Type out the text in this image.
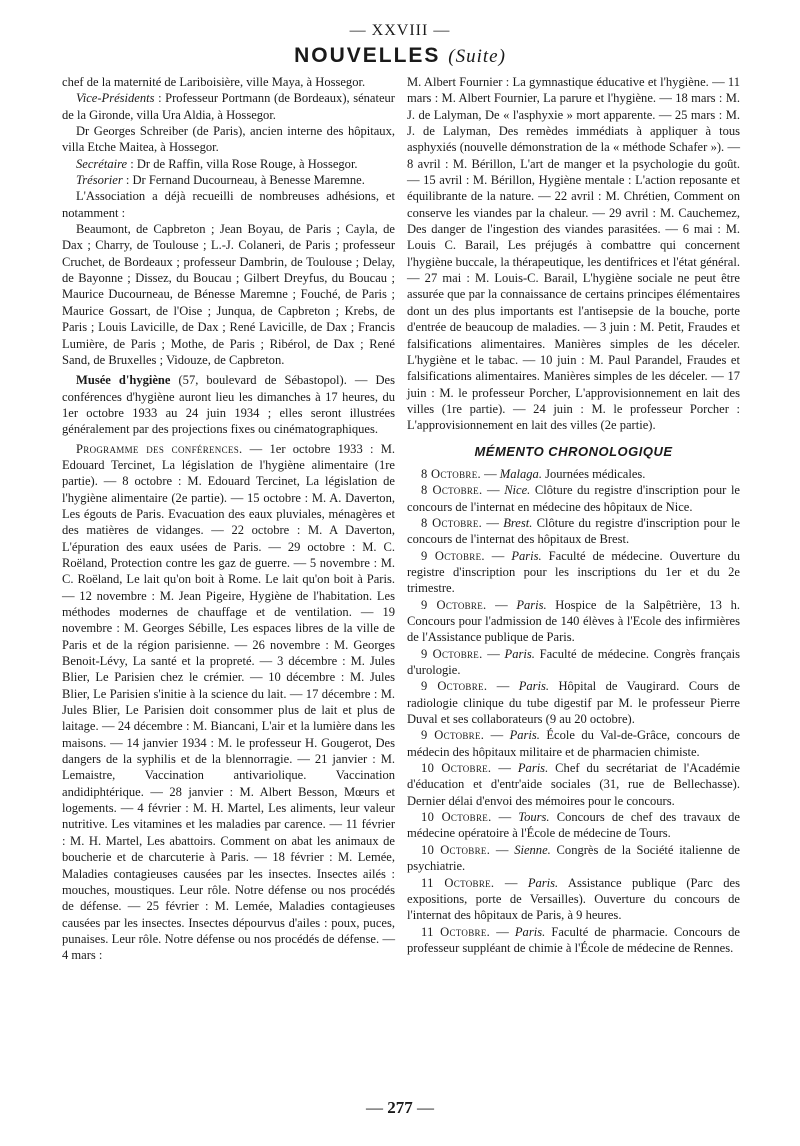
— XXVIII —
NOUVELLES (Suite)

chef de la maternité de Lariboisière, ville Maya, à Hossegor.

Vice-Présidents : Professeur Portmann (de Bordeaux), sénateur de la Gironde, villa Ura Aldia, à Hossegor.

Dr Georges Schreiber (de Paris), ancien interne des hôpitaux, villa Etche Maitea, à Hossegor.

Secrétaire : Dr de Raffin, villa Rose Rouge, à Hossegor.

Trésorier : Dr Fernand Ducourneau, à Benesse Maremne.

L'Association a déjà recueilli de nombreuses adhésions, et notamment :

Beaumont, de Capbreton ; Jean Boyau, de Paris ; Cayla, de Dax ; Charry, de Toulouse ; L.-J. Colaneri, de Paris ; professeur Cruchet, de Bordeaux ; professeur Dambrin, de Toulouse ; Delay, de Bayonne ; Dissez, du Boucau ; Gilbert Dreyfus, du Boucau ; Maurice Ducourneau, de Bénesse Maremne ; Fouché, de Paris ; Maurice Gossart, de l'Oise ; Junqua, de Capbreton ; Krebs, de Paris ; Louis Lavicille, de Dax ; René Lavicille, de Dax ; Francis Lumière, de Paris ; Mothe, de Paris ; Ribérol, de Dax ; René Sand, de Bruxelles ; Vidouze, de Capbreton.

Musée d'hygiène (57, boulevard de Sébastopol). — Des conférences d'hygiène auront lieu les dimanches à 17 heures, du 1er octobre 1933 au 24 juin 1934 ; elles seront illustrées généralement par des projections fixes ou cinématographiques.

Programme des conférences. — 1er octobre 1933 : M. Edouard Tercinet, La législation de l'hygiène alimentaire (1re partie). — 8 octobre : M. Edouard Tercinet, La législation de l'hygiène alimentaire (2e partie). — 15 octobre : M. A. Daverton, Les égouts de Paris. Evacuation des eaux pluviales, ménagères et des matières de vidanges. — 22 octobre : M. A Daverton, L'épuration des eaux usées de Paris. — 29 octobre : M. C. Roëland, Protection contre les gaz de guerre. — 5 novembre : M. C. Roëland, Le lait qu'on boit à Rome. Le lait qu'on boit à Paris. — 12 novembre : M. Jean Pigeire, Hygiène de l'habitation. Les méthodes modernes de chauffage et de ventilation. — 19 novembre : M. Georges Sébille, Les espaces libres de la ville de Paris et de la région parisienne. — 26 novembre : M. Georges Benoit-Lévy, La santé et la propreté. — 3 décembre : M. Jules Blier, Le Parisien chez le crémier. — 10 décembre : M. Jules Blier, Le Parisien s'initie à la science du lait. — 17 décembre : M. Jules Blier, Le Parisien doit consommer plus de lait et plus de laitage. — 24 décembre : M. Biancani, L'air et la lumière dans les maisons. — 14 janvier 1934 : M. le professeur H. Gougerot, Des dangers de la syphilis et de la blennorragie. — 21 janvier : M. Lemaistre, Vaccination antivariolique. Vaccination andidiphtérique. — 28 janvier : M. Albert Besson, Mœurs et logements. — 4 février : M. H. Martel, Les aliments, leur valeur nutritive. Les vitamines et les maladies par carence. — 11 février : M. H. Martel, Les abattoirs. Comment on abat les animaux de boucherie et de charcuterie à Paris. — 18 février : M. Lemée, Maladies contagieuses causées par les insectes. Insectes ailés : mouches, moustiques. Leur rôle. Notre défense ou nos procédés de défense. — 25 février : M. Lemée, Maladies contagieuses causées par les insectes. Insectes dépourvus d'ailes : poux, puces, punaises. Leur rôle. Notre défense ou nos procédés de défense. — 4 mars :

M. Albert Fournier : La gymnastique éducative et l'hygiène. — 11 mars : M. Albert Fournier, La parure et l'hygiène. — 18 mars : M. J. de Lalyman, De « l'asphyxie » mort apparente. — 25 mars : M. J. de Lalyman, Des remèdes immédiats à appliquer à tous asphyxiés (nouvelle démonstration de la « méthode Schafer »). — 8 avril : M. Bérillon, L'art de manger et la psychologie du goût. — 15 avril : M. Bérillon, Hygiène mentale : L'action reposante et équilibrante de la nature. — 22 avril : M. Chrétien, Comment on conserve les viandes par la chaleur. — 29 avril : M. Cauchemez, Des danger de l'ingestion des viandes parasitées. — 6 mai : M. Louis C. Barail, Les préjugés à combattre qui concernent l'hygiène buccale, la thérapeutique, les dentifrices et l'état général. — 27 mai : M. Louis-C. Barail, L'hygiène sociale ne peut être assurée que par la connaissance de certains principes élémentaires dont un des plus importants est l'antisepsie de la bouche, porte d'entrée de beaucoup de maladies. — 3 juin : M. Petit, Fraudes et falsifications alimentaires. Manières simples de les déceler. L'hygiène et le tabac. — 10 juin : M. Paul Parandel, Fraudes et falsifications alimentaires. Manières simples de les déceler. — 17 juin : M. le professeur Porcher, L'approvisionnement en lait des villes (1re partie). — 24 juin : M. le professeur Porcher : L'approvisionnement en lait des villes (2e partie).

MÉMENTO CHRONOLOGIQUE

8 Octobre. — Malaga. Journées médicales.

8 Octobre. — Nice. Clôture du registre d'inscription pour le concours de l'internat en médecine des hôpitaux de Nice.

8 Octobre. — Brest. Clôture du registre d'inscription pour le concours de l'internat des hôpitaux de Brest.

9 Octobre. — Paris. Faculté de médecine. Ouverture du registre d'inscription pour les inscriptions du 1er et du 2e trimestre.

9 Octobre. — Paris. Hospice de la Salpêtrière, 13 h. Concours pour l'admission de 140 élèves à l'Ecole des infirmières de l'Assistance publique de Paris.

9 Octobre. — Paris. Faculté de médecine. Congrès français d'urologie.

9 Octobre. — Paris. Hôpital de Vaugirard. Cours de radiologie clinique du tube digestif par M. le professeur Pierre Duval et ses collaborateurs (9 au 20 octobre).

9 Octobre. — Paris. École du Val-de-Grâce, concours de médecin des hôpitaux militaire et de pharmacien chimiste.

10 Octobre. — Paris. Chef du secrétariat de l'Académie d'éducation et d'entr'aide sociales (31, rue de Bellechasse). Dernier délai d'envoi des mémoires pour le concours.

10 Octobre. — Tours. Concours de chef des travaux de médecine opératoire à l'École de médecine de Tours.

10 Octobre. — Sienne. Congrès de la Société italienne de psychiatrie.

11 Octobre. — Paris. Assistance publique (Parc des expositions, porte de Versailles). Ouverture du concours de l'internat des hôpitaux de Paris, à 9 heures.

11 Octobre. — Paris. Faculté de pharmacie. Concours de professeur suppléant de chimie à l'École de médecine de Rennes.

— 277 —
